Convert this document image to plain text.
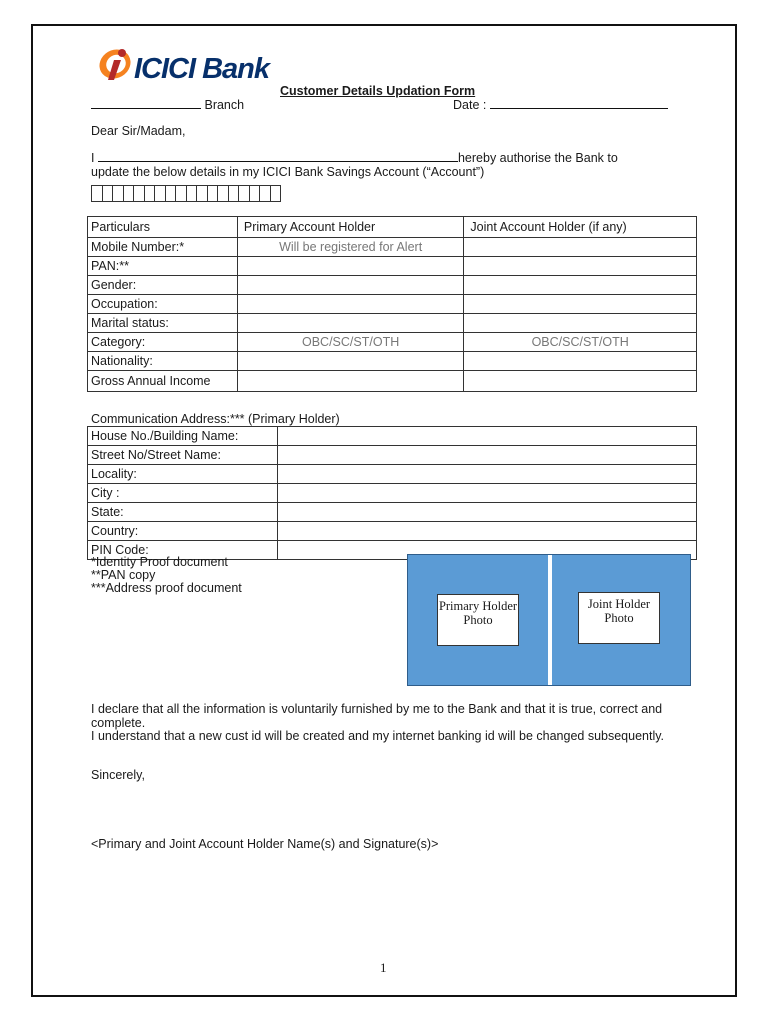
ICICI Bank
Customer Details Updation Form
Branch	Date :
Dear Sir/Madam,
I	hereby authorise the Bank to
update the below details in my ICICI Bank Savings Account (“Account”)
Particulars	Primary Account Holder	Joint Account Holder (if any)
Mobile Number:*	Will be registered for Alert	
PAN:**		
Gender:		
Occupation:		
Marital status:		
Category:	OBC/SC/ST/OTH	OBC/SC/ST/OTH
Nationality:		
Gross Annual Income		
Communication Address:*** (Primary Holder)
House No./Building Name:	
Street No/Street Name:	
Locality:	
City :	
State:	
Country:	
PIN Code:	
*Identity Proof document
**PAN copy
***Address proof document
Primary Holder Photo
Joint Holder Photo
I declare that all the information is voluntarily furnished by me to the Bank and that it is true, correct and complete.
I understand that a new cust id will be created and my internet banking id will be changed subsequently.
Sincerely,
<Primary and Joint Account Holder Name(s) and Signature(s)>
1
